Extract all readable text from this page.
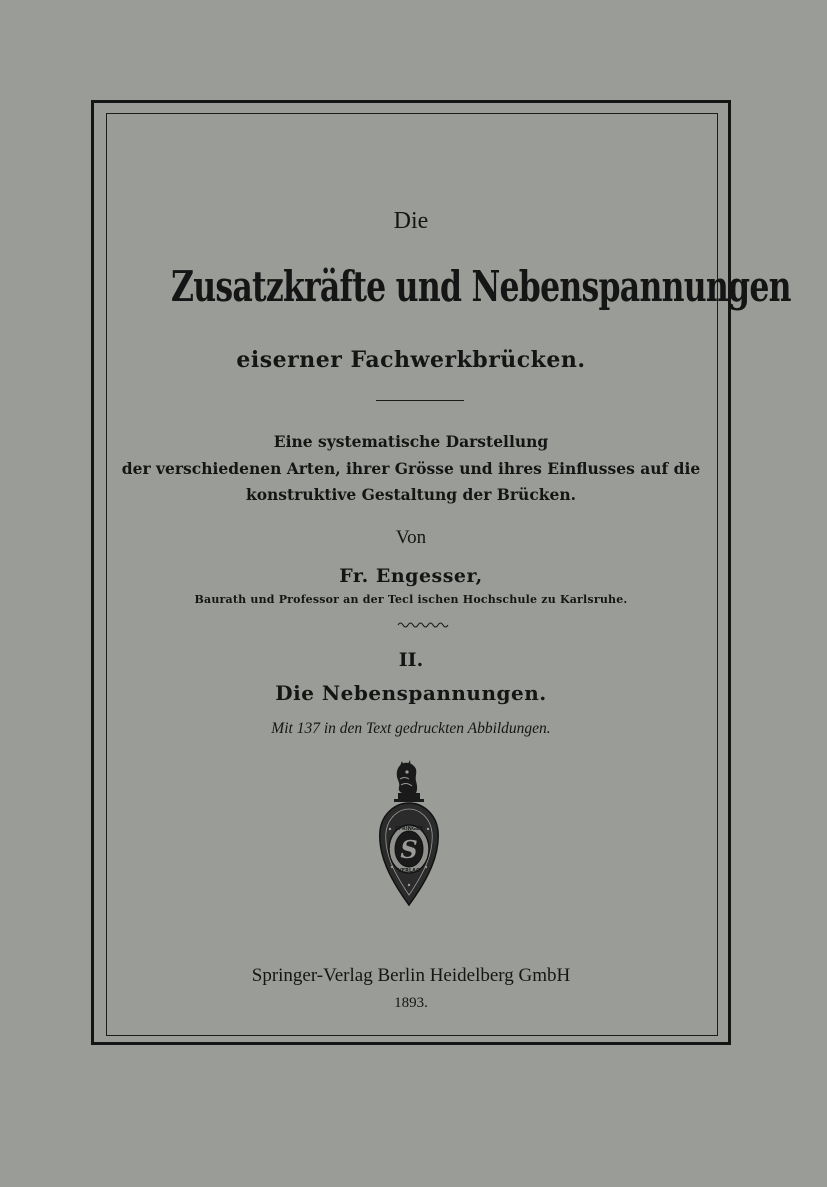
Die
Zusatzkräfte und Nebenspannungen
eiserner Fachwerkbrücken.
Eine systematische Darstellung
der verschiedenen Arten, ihrer Grösse und ihres Einflusses auf die
konstruktive Gestaltung der Brücken.
Von
Fr. Engesser,
Baurath und Professor an der Tecl ischen Hochschule zu Karlsruhe.
II.
Die Nebenspannungen.
Mit 137 in den Text gedruckten Abbildungen.
SPRINGER
VERLAG
S
Springer-Verlag Berlin Heidelberg GmbH
1893.
